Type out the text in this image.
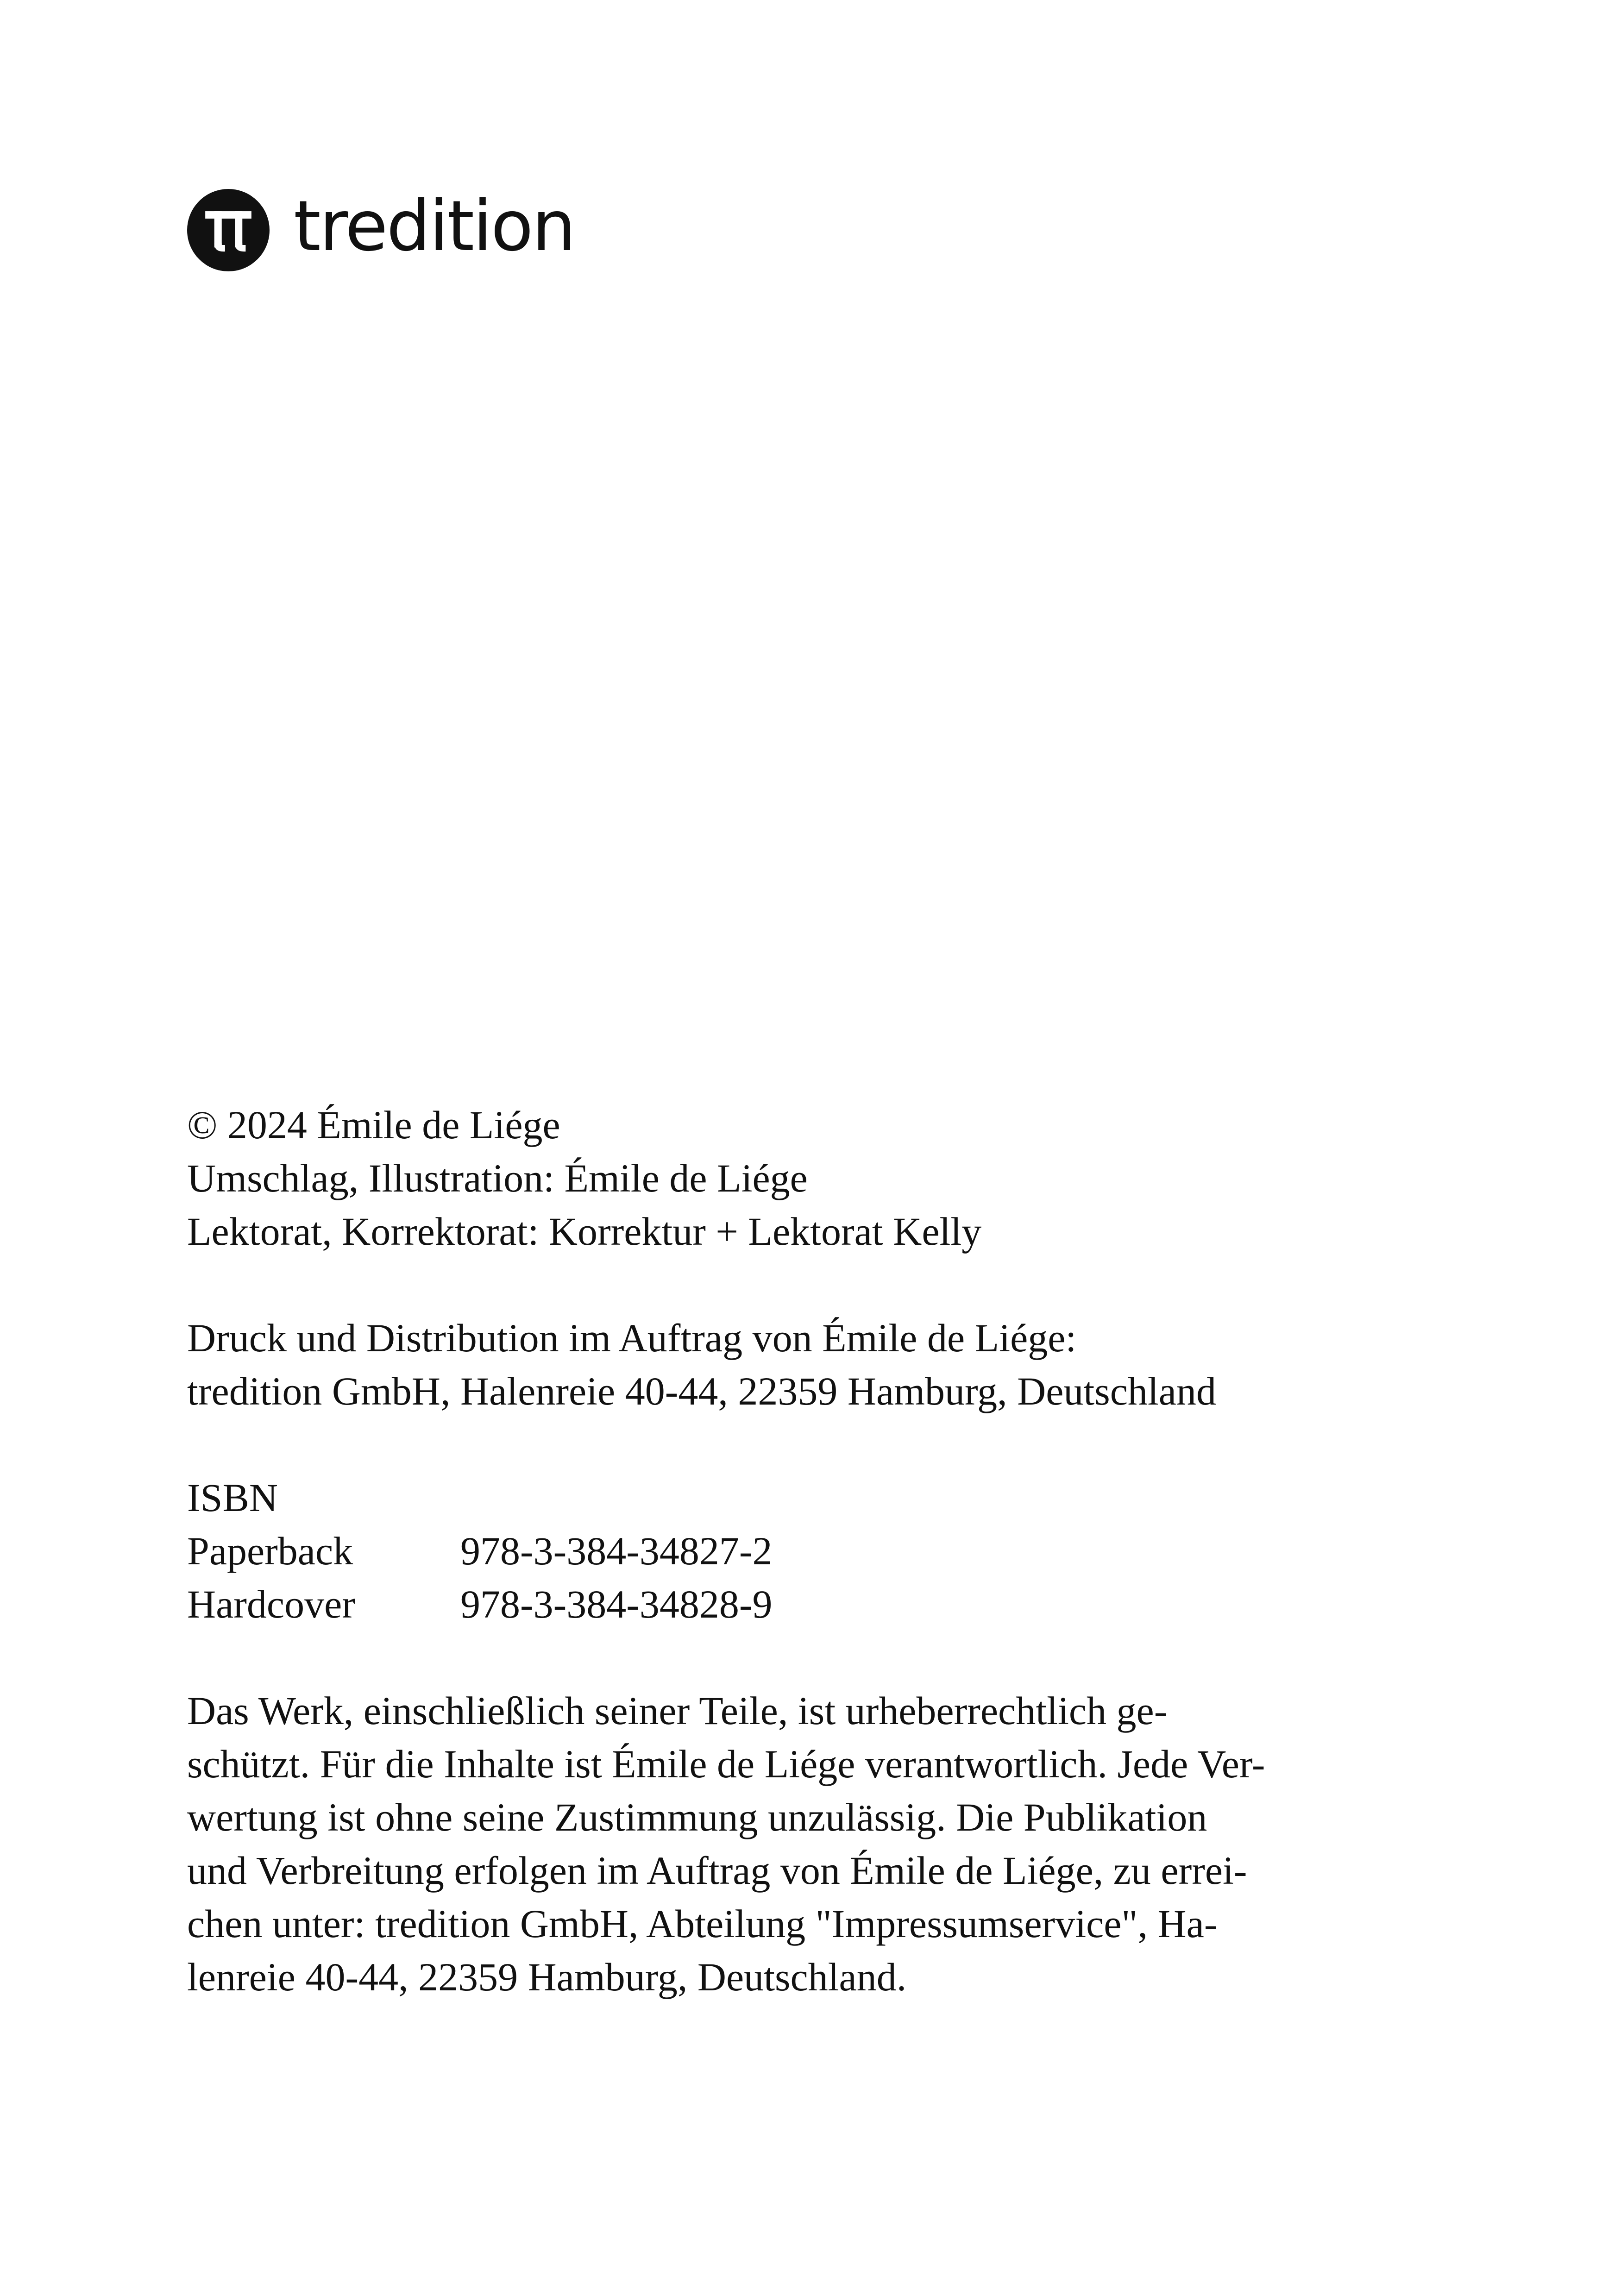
tredition
© 2024 Émile de Liége
Umschlag, Illustration: Émile de Liége
Lektorat, Korrektorat: Korrektur + Lektorat Kelly
Druck und Distribution im Auftrag von Émile de Liége:
tredition GmbH, Halenreie 40-44, 22359 Hamburg, Deutschland
ISBN
Paperback	978-3-384-34827-2
Hardcover	978-3-384-34828-9
Das Werk, einschließlich seiner Teile, ist urheberrechtlich ge-
schützt. Für die Inhalte ist Émile de Liége verantwortlich. Jede Ver-
wertung ist ohne seine Zustimmung unzulässig. Die Publikation
und Verbreitung erfolgen im Auftrag von Émile de Liége, zu errei-
chen unter: tredition GmbH, Abteilung "Impressumservice", Ha-
lenreie 40-44, 22359 Hamburg, Deutschland.
